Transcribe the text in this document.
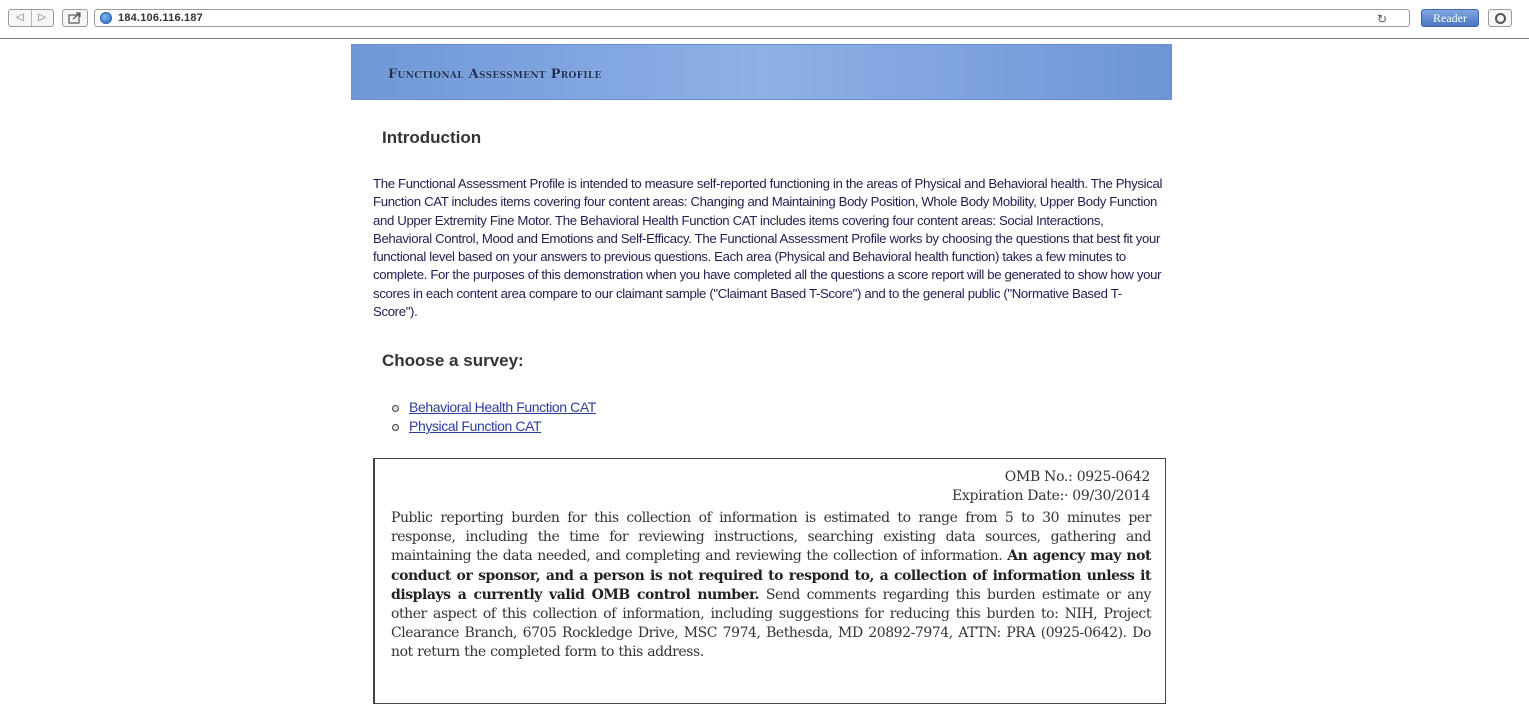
◁	▷	184.106.116.187	↻	Reader
Functional Assessment Profile
Introduction

The Functional Assessment Profile is intended to measure self-reported functioning in the areas of Physical and Behavioral health. The Physical Function CAT includes items covering four content areas: Changing and Maintaining Body Position, Whole Body Mobility, Upper Body Function and Upper Extremity Fine Motor. The Behavioral Health Function CAT includes items covering four content areas: Social Interactions, Behavioral Control, Mood and Emotions and Self-Efficacy. The Functional Assessment Profile works by choosing the questions that best fit your functional level based on your answers to previous questions. Each area (Physical and Behavioral health function) takes a few minutes to complete. For the purposes of this demonstration when you have completed all the questions a score report will be generated to show how your scores in each content area compare to our claimant sample ("Claimant Based T-Score") and to the general public ("Normative Based T-Score").

Choose a survey:
Behavioral Health Function CAT
Physical Function CAT
OMB No.: 0925-0642
Expiration Date:· 09/30/2014

Public reporting burden for this collection of information is estimated to range from 5 to 30 minutes per response, including the time for reviewing instructions, searching existing data sources, gathering and maintaining the data needed, and completing and reviewing the collection of information. An agency may not conduct or sponsor, and a person is not required to respond to, a collection of information unless it displays a currently valid OMB control number. Send comments regarding this burden estimate or any other aspect of this collection of information, including suggestions for reducing this burden to: NIH, Project Clearance Branch, 6705 Rockledge Drive, MSC 7974, Bethesda, MD 20892-7974, ATTN: PRA (0925-0642). Do not return the completed form to this address.
